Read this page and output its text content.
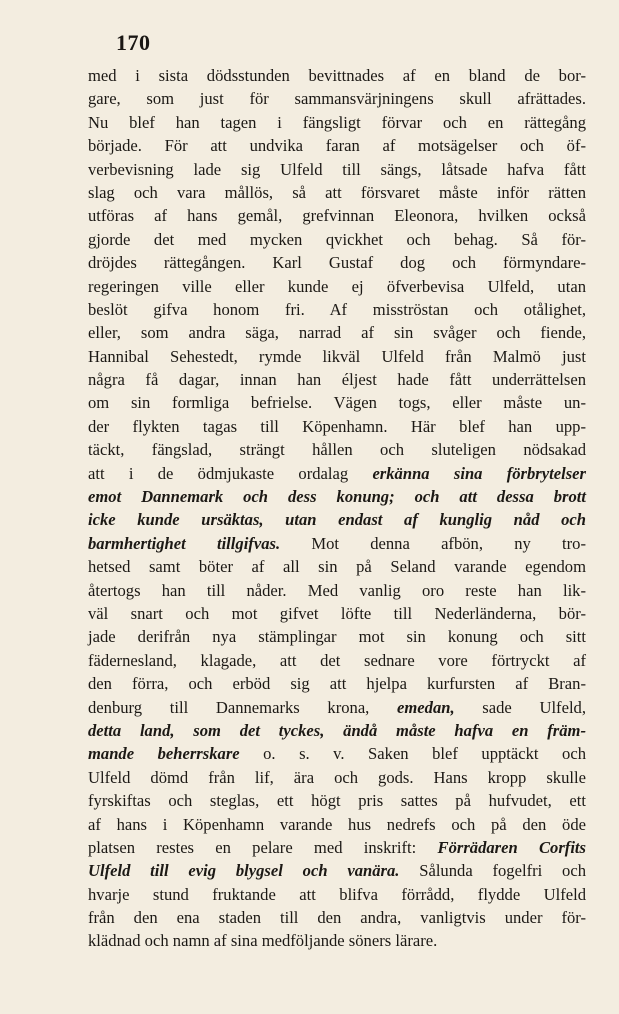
170
med i sista dödsstunden bevittnades af en bland de bor-
gare, som just för sammansvärjningens skull afrättades.
Nu blef han tagen i fängsligt förvar och en rättegång
började. För att undvika faran af motsägelser och öf-
verbevisning lade sig Ulfeld till sängs, låtsade hafva fått
slag och vara mållös, så att försvaret måste inför rätten
utföras af hans gemål, grefvinnan Eleonora, hvilken också
gjorde det med mycken qvickhet och behag. Så för-
dröjdes rättegången. Karl Gustaf dog och förmyndare-
regeringen ville eller kunde ej öfverbevisa Ulfeld, utan
beslöt gifva honom fri. Af misströstan och otålighet,
eller, som andra säga, narrad af sin svåger och fiende,
Hannibal Sehestedt, rymde likväl Ulfeld från Malmö just
några få dagar, innan han éljest hade fått underrättelsen
om sin formliga befrielse. Vägen togs, eller måste un-
der flykten tagas till Köpenhamn. Här blef han upp-
täckt, fängslad, strängt hållen och sluteligen nödsakad
att i de ödmjukaste ordalag erkänna sina förbrytelser
emot Dannemark och dess konung; och att dessa brott
icke kunde ursäktas, utan endast af kunglig nåd och
barmhertighet tillgifvas. Mot denna afbön, ny tro-
hetsed samt böter af all sin på Seland varande egendom
återtogs han till nåder. Med vanlig oro reste han lik-
väl snart och mot gifvet löfte till Nederländerna, bör-
jade derifrån nya stämplingar mot sin konung och sitt
fädernesland, klagade, att det sednare vore förtryckt af
den förra, och erböd sig att hjelpa kurfursten af Bran-
denburg till Dannemarks krona, emedan, sade Ulfeld,
detta land, som det tyckes, ändå måste hafva en främ-
mande beherrskare o. s. v. Saken blef upptäckt och
Ulfeld dömd från lif, ära och gods. Hans kropp skulle
fyrskiftas och steglas, ett högt pris sattes på hufvudet, ett
af hans i Köpenhamn varande hus nedrefs och på den öde
platsen restes en pelare med inskrift: Förrädaren Corfits
Ulfeld till evig blygsel och vanära. Sålunda fogelfri och
hvarje stund fruktande att blifva förrådd, flydde Ulfeld
från den ena staden till den andra, vanligtvis under för-
klädnad och namn af sina medföljande söners lärare.
